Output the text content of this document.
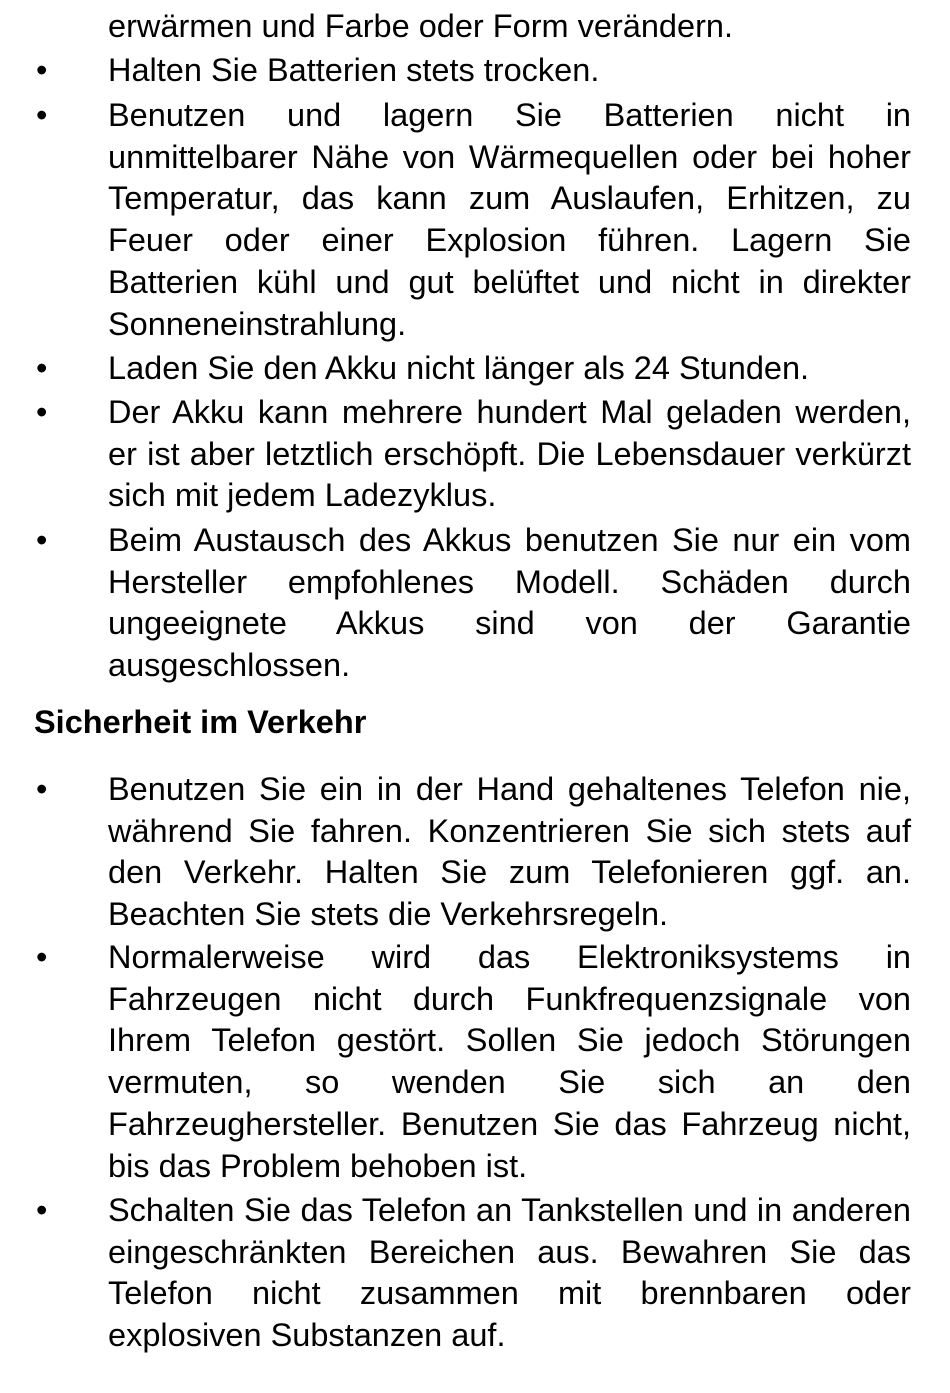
erwärmen und Farbe oder Form verändern.

• Halten Sie Batterien stets trocken.

• Benutzen und lagern Sie Batterien nicht in unmittelbarer Nähe von Wärmequellen oder bei hoher Temperatur, das kann zum Auslaufen, Erhitzen, zu Feuer oder einer Explosion führen. Lagern Sie Batterien kühl und gut belüftet und nicht in direkter Sonneneinstrahlung.

• Laden Sie den Akku nicht länger als 24 Stunden.

• Der Akku kann mehrere hundert Mal geladen werden, er ist aber letztlich erschöpft. Die Lebensdauer verkürzt sich mit jedem Ladezyklus.

• Beim Austausch des Akkus benutzen Sie nur ein vom Hersteller empfohlenes Modell. Schäden durch ungeeignete Akkus sind von der Garantie ausgeschlossen.

Sicherheit im Verkehr
• Benutzen Sie ein in der Hand gehaltenes Telefon nie, während Sie fahren. Konzentrieren Sie sich stets auf den Verkehr. Halten Sie zum Telefonieren ggf. an. Beachten Sie stets die Verkehrsregeln.

• Normalerweise wird das Elektroniksystems in Fahrzeugen nicht durch Funkfrequenzsignale von Ihrem Telefon gestört. Sollen Sie jedoch Störungen vermuten, so wenden Sie sich an den Fahrzeughersteller. Benutzen Sie das Fahrzeug nicht, bis das Problem behoben ist.

• Schalten Sie das Telefon an Tankstellen und in anderen eingeschränkten Bereichen aus. Bewahren Sie das Telefon nicht zusammen mit brennbaren oder explosiven Substanzen auf.
